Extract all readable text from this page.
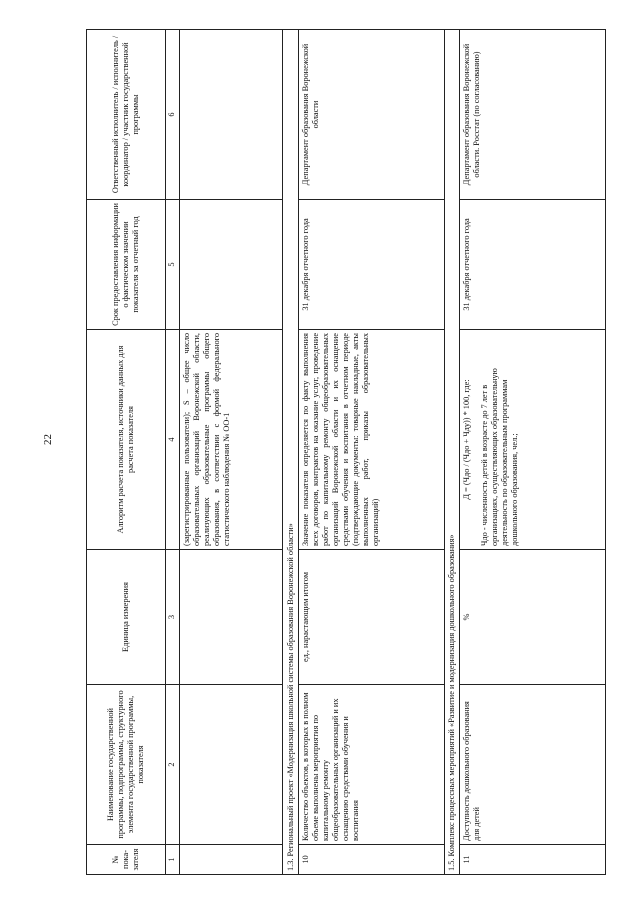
22
№ пока-зателя	Наименование государственной программы, подпрограммы, структурного элемента государственной программы, показателя	Единица измерения	Алгоритм расчета показателя, источники данных для расчета показателя	Срок предоставления информации о фактическом значении показателя за отчетный год	Ответственный исполнитель / исполнитель / координатор / участник государственной программы
1	2	3	4	5	6
			(зарегистрированные пользователи); S – общее число образовательных организаций Воронежской области, реализующих образовательные программы общего образования, в соответствии с формой федерального статистического наблюдения № ОО-1		
1.3. Региональный проект «Модернизация школьной системы образования Воронежской области»					
10	Количество объектов, в которых в полном объеме выполнены мероприятия по капитальному ремонту общеобразовательных организаций и их оснащению средствами обучения и воспитания	ед., нарастающим итогом	Значение показателя определяется по факту выполнения всех договоров, контрактов на оказание услуг, проведение работ по капитальному ремонту общеобразовательных организаций Воронежской области и их оснащение средствами обучения и воспитания в отчетном периоде (подтверждающие документы: товарные накладные, акты выполненных работ, приказы образовательных организаций)	31 декабря отчетного года	Департамент образования Воронежской области
1.5. Комплекс процессных мероприятий «Развитие и модернизация дошкольного образования»					
11	Доступность дошкольного образования для детей	%	Д = (Чдо / (Чдо + Чду)) * 100, где: Чдо - численность детей в возрасте до 7 лет в организациях, осуществляющих образовательную деятельность по образовательным программам дошкольного образования, чел.;	31 декабря отчетного года	Департамент образования Воронежской области. Росстат (по согласованию)
